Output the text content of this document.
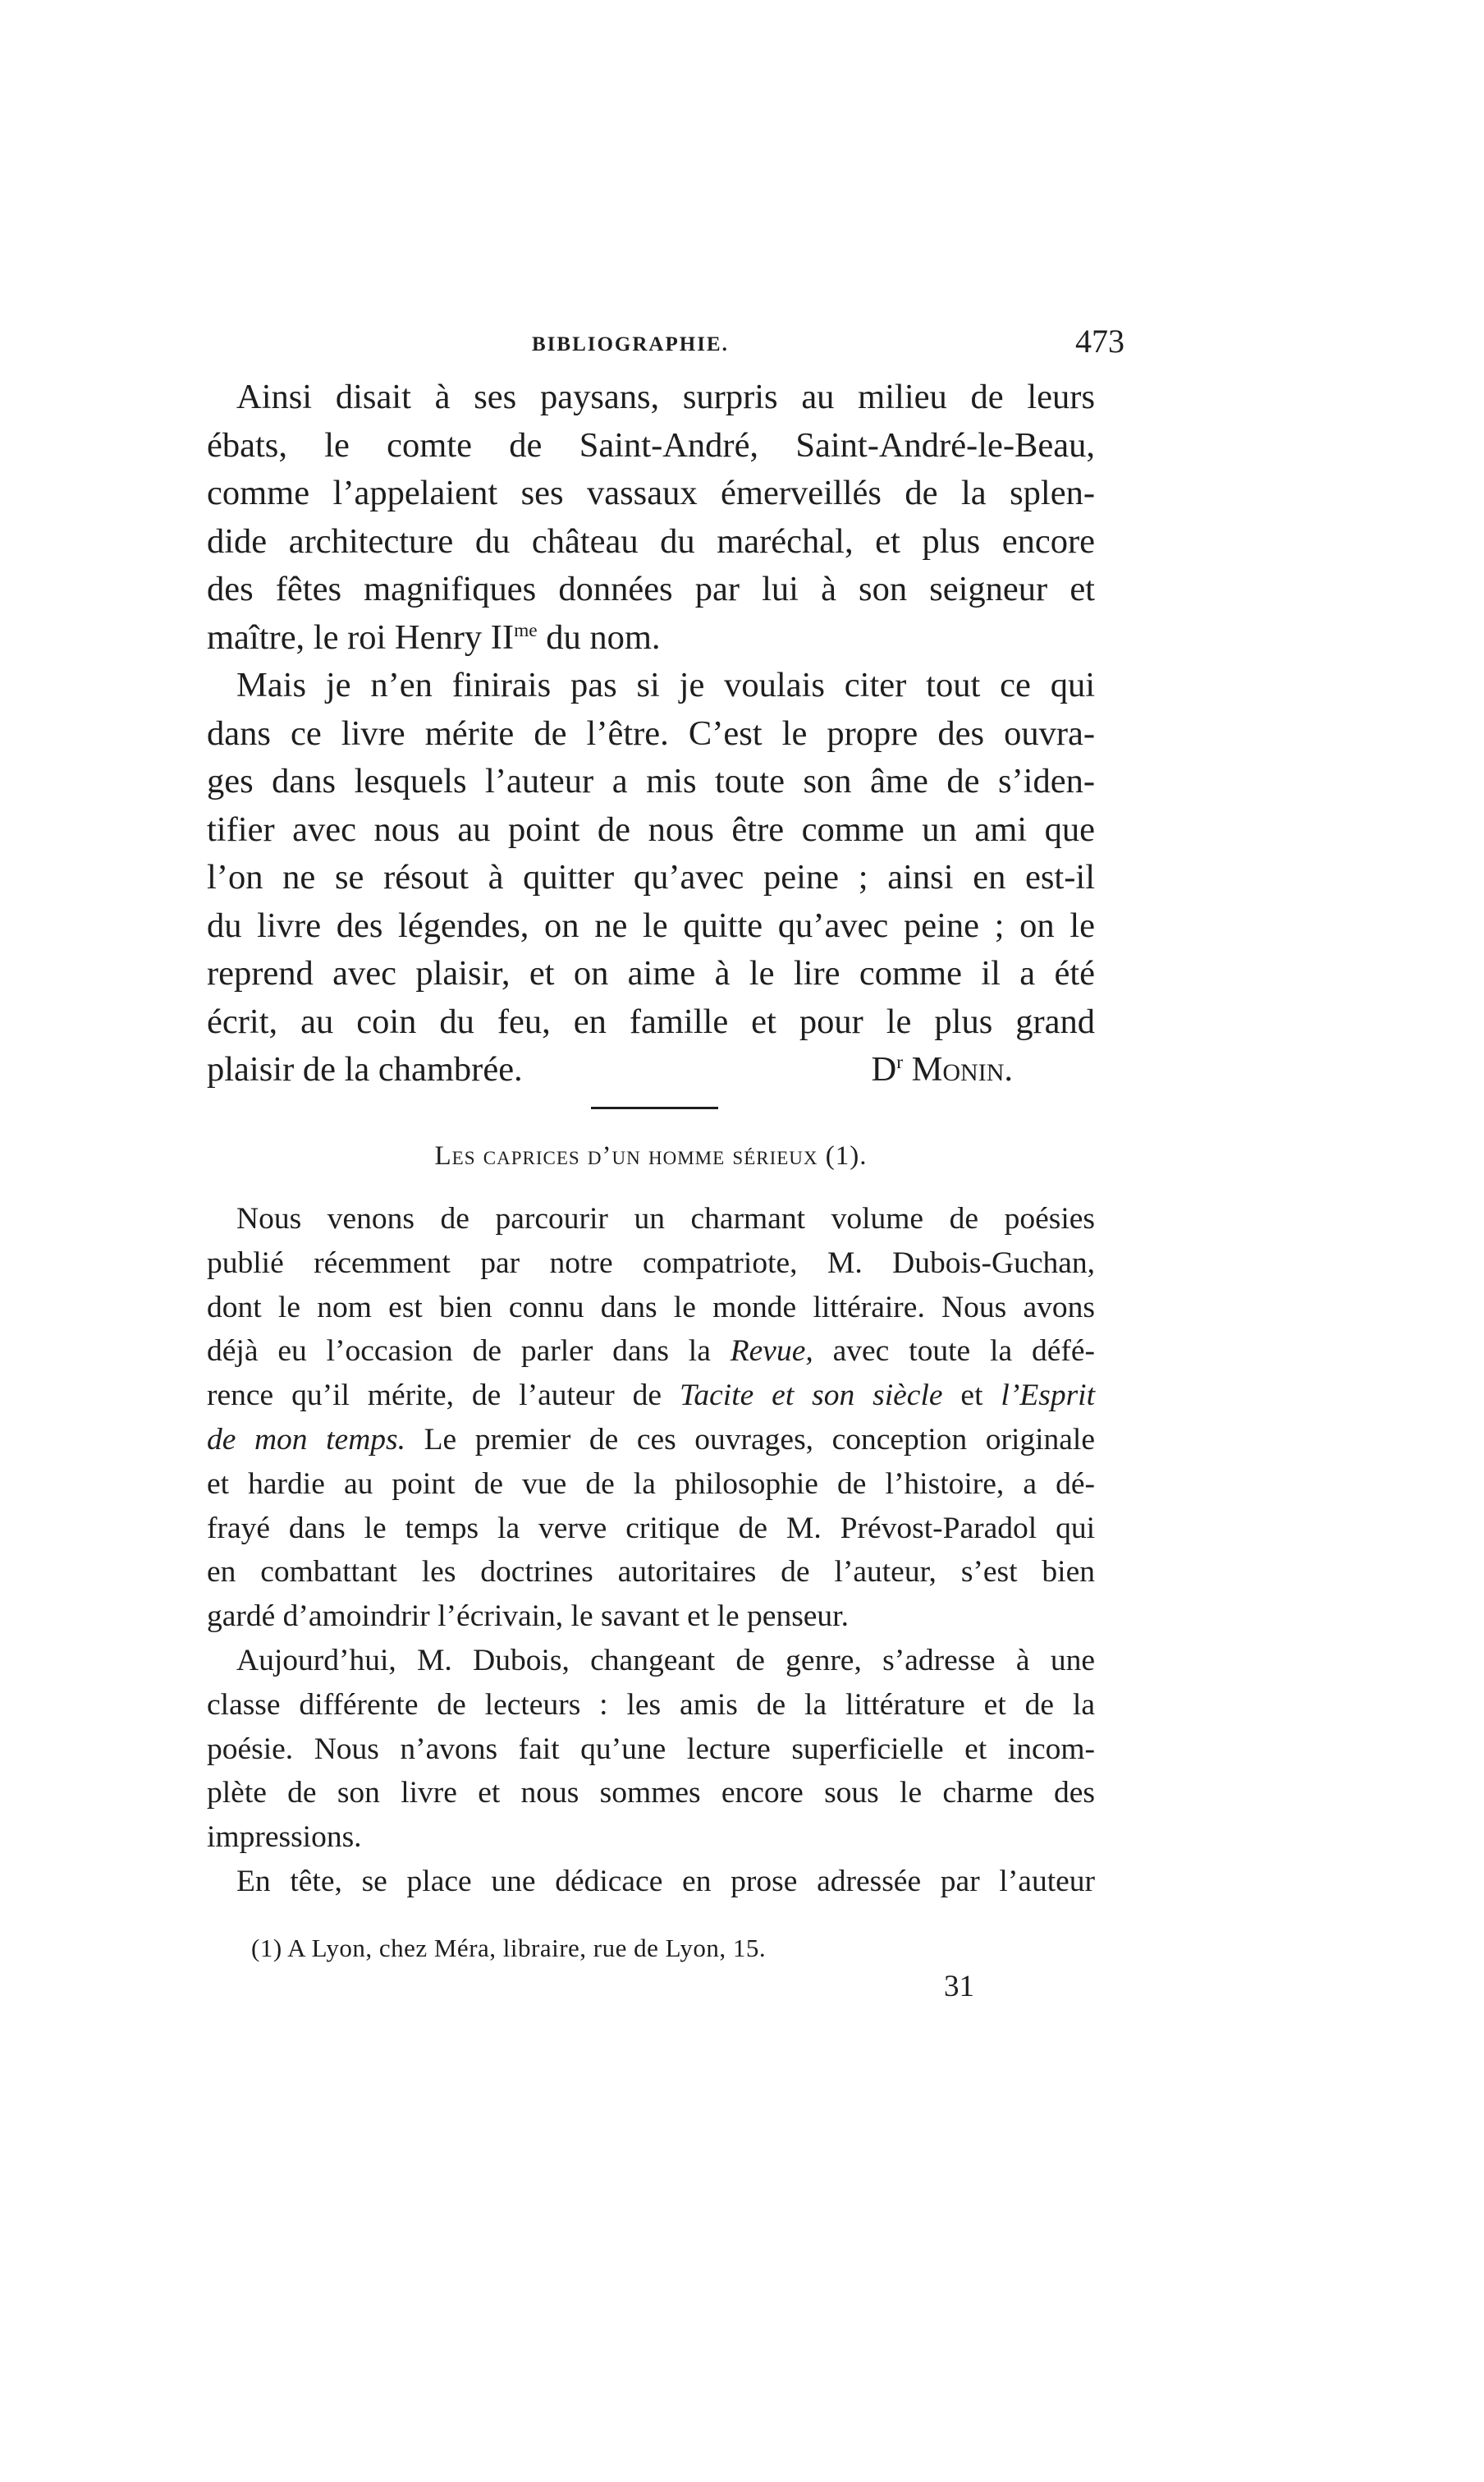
BIBLIOGRAPHIE.	473
Ainsi disait à ses paysans, surpris au milieu de leurs
ébats, le comte de Saint-André, Saint-André-le-Beau,
comme l’appelaient ses vassaux émerveillés de la splen-
dide architecture du château du maréchal, et plus encore
des fêtes magnifiques données par lui à son seigneur et
maître, le roi Henry $II^{me}$ du nom.
Mais je n’en finirais pas si je voulais citer tout ce qui
dans ce livre mérite de l’être. C’est le propre des ouvra-
ges dans lesquels l’auteur a mis toute son âme de s’iden-
tifier avec nous au point de nous être comme un ami que
l’on ne se résout à quitter qu’avec peine ; ainsi en est-il
du livre des légendes, on ne le quitte qu’avec peine ; on le
reprend avec plaisir, et on aime à le lire comme il a été
écrit, au coin du feu, en famille et pour le plus grand
plaisir de la chambrée.	$D^r$ Monin.
Les caprices d’un homme sérieux (1).
Nous venons de parcourir un charmant volume de poésies
publié récemment par notre compatriote, M. Dubois-Guchan,
dont le nom est bien connu dans le monde littéraire. Nous avons
déjà eu l’occasion de parler dans la Revue, avec toute la défé-
rence qu’il mérite, de l’auteur de Tacite et son siècle et l’Esprit
de mon temps. Le premier de ces ouvrages, conception originale
et hardie au point de vue de la philosophie de l’histoire, a dé-
frayé dans le temps la verve critique de M. Prévost-Paradol qui
en combattant les doctrines autoritaires de l’auteur, s’est bien
gardé d’amoindrir l’écrivain, le savant et le penseur.
Aujourd’hui, M. Dubois, changeant de genre, s’adresse à une
classe différente de lecteurs : les amis de la littérature et de la
poésie. Nous n’avons fait qu’une lecture superficielle et incom-
plète de son livre et nous sommes encore sous le charme des
impressions.
En tête, se place une dédicace en prose adressée par l’auteur
(1) A Lyon, chez Méra, libraire, rue de Lyon, 15.
31
